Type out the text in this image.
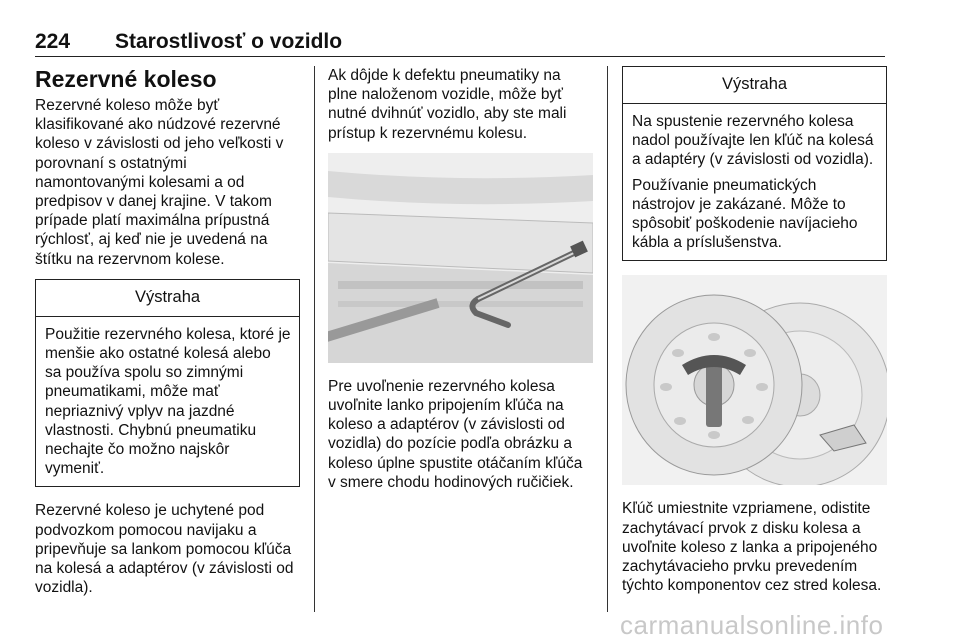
224 Starostlivosť o vozidlo
Rezervné koleso

Rezervné koleso môže byť klasifikované ako núdzové rezervné koleso v závislosti od jeho veľkosti v porovnaní s ostatnými namontovanými kolesami a od predpisov v danej krajine. V takom prípade platí maximálna prípustná rýchlosť, aj keď nie je uvedená na štítku na rezervnom kolese.

Výstraha

Použitie rezervného kolesa, ktoré je menšie ako ostatné kolesá alebo sa používa spolu so zimnými pneumatikami, môže mať nepriaznivý vplyv na jazdné vlastnosti. Chybnú pneumatiku nechajte čo možno najskôr vymeniť.

Rezervné koleso je uchytené pod podvozkom pomocou navijaku a pripevňuje sa lankom pomocou kľúča na kolesá a adaptérov (v závislosti od vozidla).

Ak dôjde k defektu pneumatiky na plne naloženom vozidle, môže byť nutné dvihnúť vozidlo, aby ste mali prístup k rezervnému kolesu.

Pre uvoľnenie rezervného kolesa uvoľnite lanko pripojením kľúča na koleso a adaptérov (v závislosti od vozidla) do pozície podľa obrázku a koleso úplne spustite otáčaním kľúča v smere chodu hodinových ručičiek.

Výstraha

Na spustenie rezervného kolesa nadol používajte len kľúč na kolesá a adaptéry (v závislosti od vozidla).

Používanie pneumatických nástrojov je zakázané. Môže to spôsobiť poškodenie navíjacieho kábla a príslušenstva.

Kľúč umiestnite vzpriamene, odistite zachytávací prvok z disku kolesa a uvoľnite koleso z lanka a pripojeného zachytávacieho prvku prevedením týchto komponentov cez stred kolesa.

carmanualsonline.info
